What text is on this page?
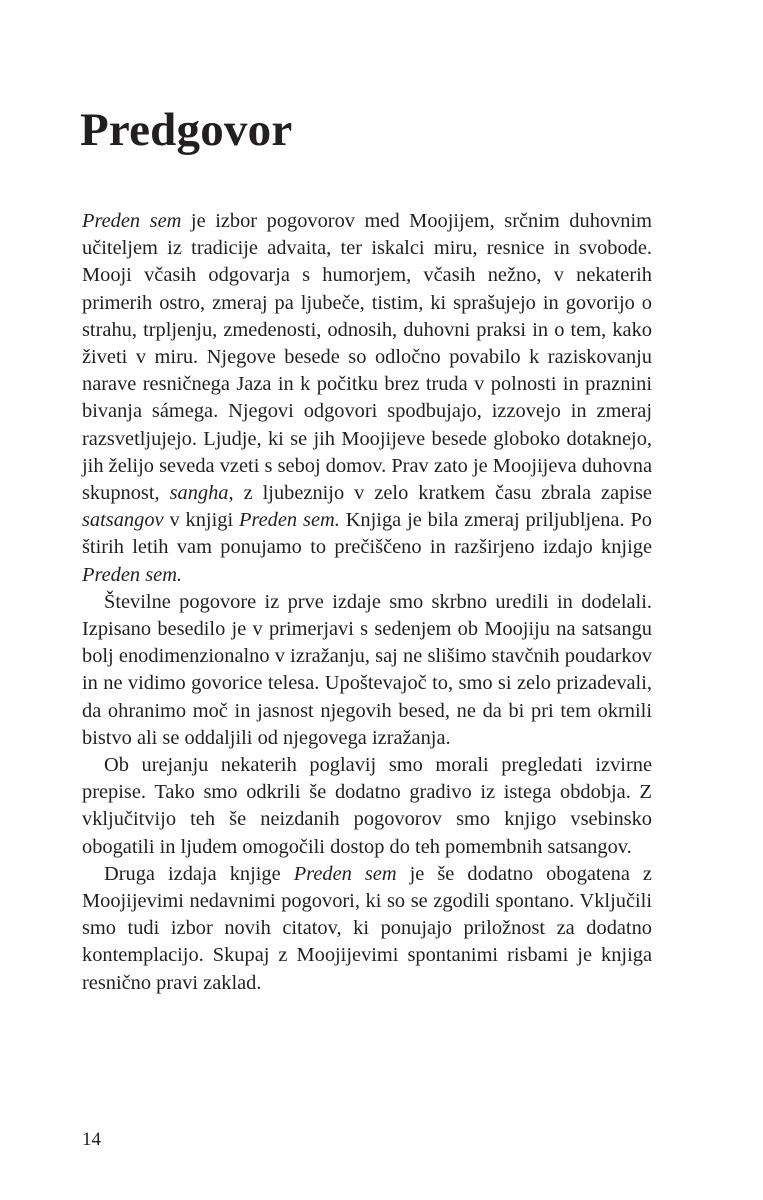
Predgovor

Preden sem je izbor pogovorov med Moojijem, srčnim duhovnim učiteljem iz tradicije advaita, ter iskalci miru, resnice in svobode. Mooji včasih odgovarja s humorjem, včasih nežno, v nekaterih primerih ostro, zmeraj pa ljubeče, tistim, ki sprašujejo in govorijo o strahu, trpljenju, zmedenosti, odnosih, duhovni praksi in o tem, kako živeti v miru. Njegove besede so odločno povabilo k raziskovanju narave resničnega Jaza in k počitku brez truda v polnosti in praznini bivanja sámega. Njegovi odgovori spodbujajo, izzovejo in zmeraj razsvetljujejo. Ljudje, ki se jih Moojijeve besede globoko dotaknejo, jih želijo seveda vzeti s seboj domov. Prav zato je Moojijeva duhovna skupnost, sangha, z ljubeznijo v zelo kratkem času zbrala zapise satsangov v knjigi Preden sem. Knjiga je bila zmeraj priljubljena. Po štirih letih vam ponujamo to prečiščeno in razširjeno izdajo knjige Preden sem.

Številne pogovore iz prve izdaje smo skrbno uredili in dodelali. Izpisano besedilo je v primerjavi s sedenjem ob Moojiju na satsangu bolj enodimenzionalno v izražanju, saj ne slišimo stavčnih poudarkov in ne vidimo govorice telesa. Upoštevajoč to, smo si zelo prizadevali, da ohranimo moč in jasnost njegovih besed, ne da bi pri tem okrnili bistvo ali se oddaljili od njegovega izražanja.

Ob urejanju nekaterih poglavij smo morali pregledati izvirne prepise. Tako smo odkrili še dodatno gradivo iz istega obdobja. Z vključitvijo teh še neizdanih pogovorov smo knjigo vsebinsko obogatili in ljudem omogočili dostop do teh pomembnih satsangov.

Druga izdaja knjige Preden sem je še dodatno obogatena z Moojijevimi nedavnimi pogovori, ki so se zgodili spontano. Vključili smo tudi izbor novih citatov, ki ponujajo priložnost za dodatno kontemplacijo. Skupaj z Moojijevimi spontanimi risbami je knjiga resnično pravi zaklad.

14
